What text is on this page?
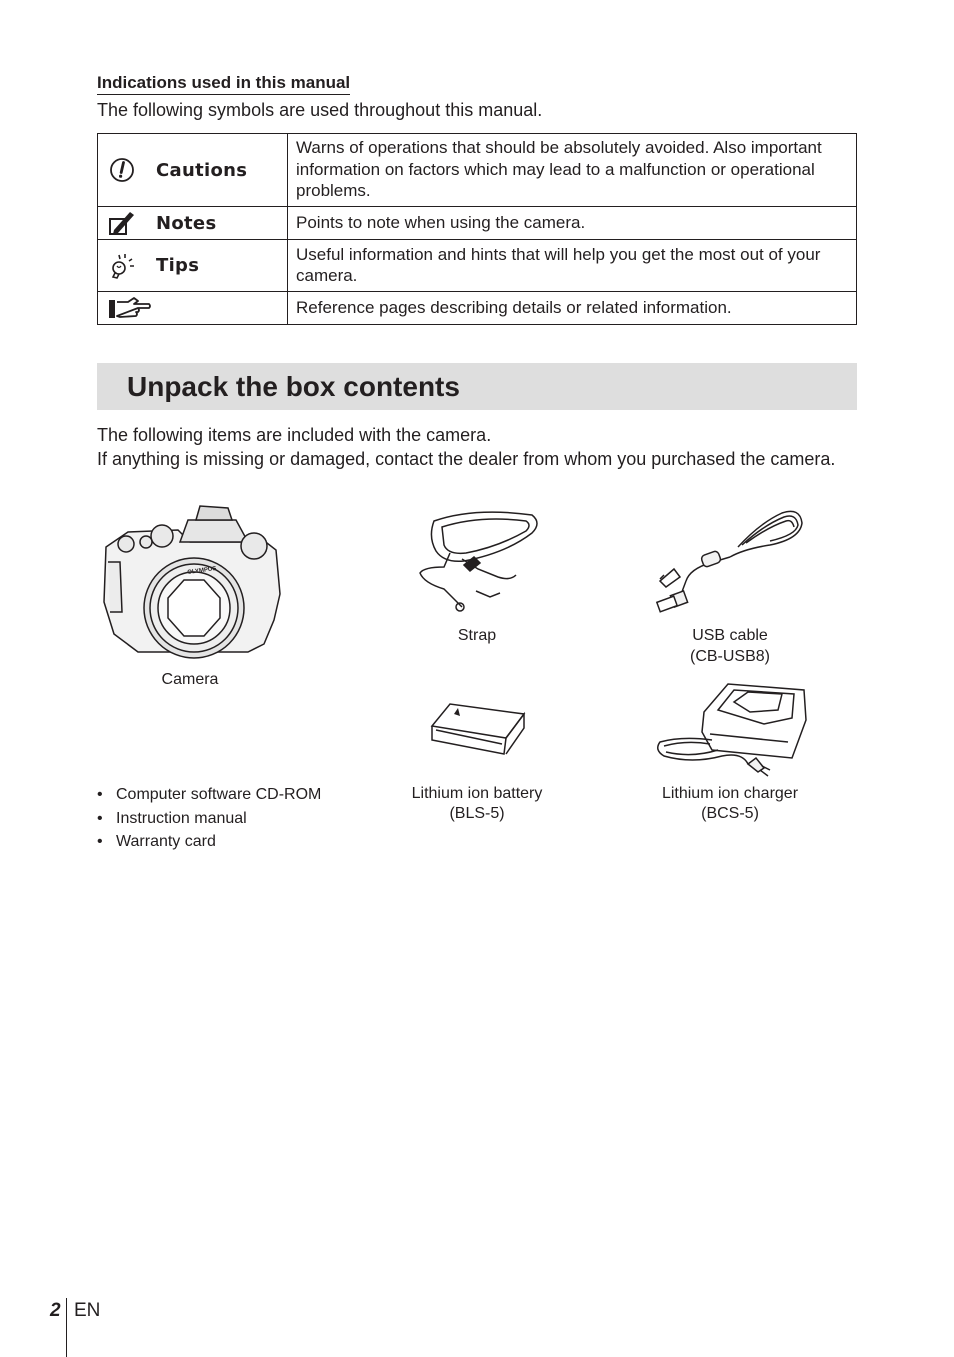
Indications used in this manual
The following symbols are used throughout this manual.
Cautions	Warns of operations that should be absolutely avoided. Also important information on factors which may lead to a malfunction or operational problems.

Notes	Points to note when using the camera.

Tips	Useful information and hints that will help you get the most out of your camera.

	Reference pages describing details or related information.
Unpack the box contents
The following items are included with the camera.
If anything is missing or damaged, contact the dealer from whom you purchased the camera.
OLYMPUS
Camera
Strap	USB cable
(CB-USB8)
Lithium ion battery
(BLS-5)
Lithium ion charger
(BCS-5)
• Computer software CD-ROM
• Instruction manual
• Warranty card
2 EN
